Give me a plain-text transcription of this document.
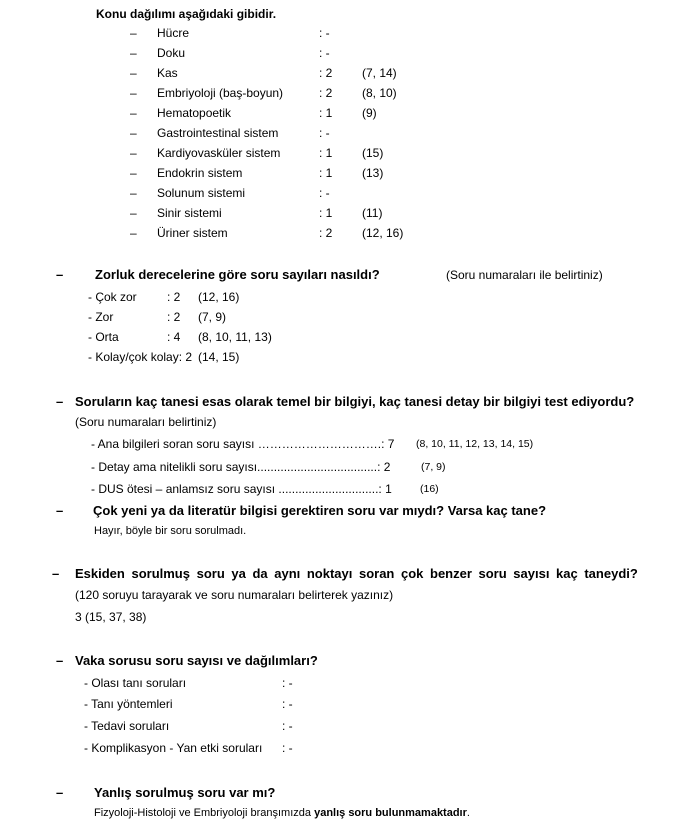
Konu dağılımı aşağıdaki gibidir.
– Hücre	: -
– Doku	: -
– Kas	: 2 (7, 14)
– Embriyoloji (baş-boyun)	: 2 (8, 10)
– Hematopoetik	: 1 (9)
– Gastrointestinal sistem	: -
– Kardiyovasküler sistem	: 1 (15)
– Endokrin sistem	: 1 (13)
– Solunum sistemi	: -
– Sinir sistemi	: 1 (11)
– Üriner sistem	: 2 (12, 16)
– Zorluk derecelerine göre soru sayıları nasıldı?	(Soru numaraları ile belirtiniz)
- Çok zor	: 2 (12, 16)
- Zor	: 2 (7, 9)
- Orta	: 4 (8, 10, 11, 13)
- Kolay/çok kolay: 2 (14, 15)
– Soruların kaç tanesi esas olarak temel bir bilgiyi, kaç tanesi detay bir bilgiyi test ediyordu?
(Soru numaraları belirtiniz)
- Ana bilgileri soran soru sayısı ………………………….: 7 (8, 10, 11, 12, 13, 14, 15)
- Detay ama nitelikli soru sayısı....................................: 2	(7, 9)
- DUS ötesi – anlamsız soru sayısı ..............................: 1	(16)
– Çok yeni ya da literatür bilgisi gerektiren soru var mıydı? Varsa kaç tane?
Hayır, böyle bir soru sorulmadı.
– Eskiden sorulmuş soru ya da aynı noktayı soran çok benzer soru sayısı kaç taneydi?
(120 soruyu tarayarak ve soru numaraları belirterek yazınız)
3 (15, 37, 38)
– Vaka sorusu soru sayısı ve dağılımları?
- Olası tanı soruları	: -
- Tanı yöntemleri	: -
- Tedavi soruları	: -
- Komplikasyon - Yan etki soruları : -
– Yanlış sorulmuş soru var mı?
Fizyoloji-Histoloji ve Embriyoloji branşımızda yanlış soru bulunmamaktadır.
